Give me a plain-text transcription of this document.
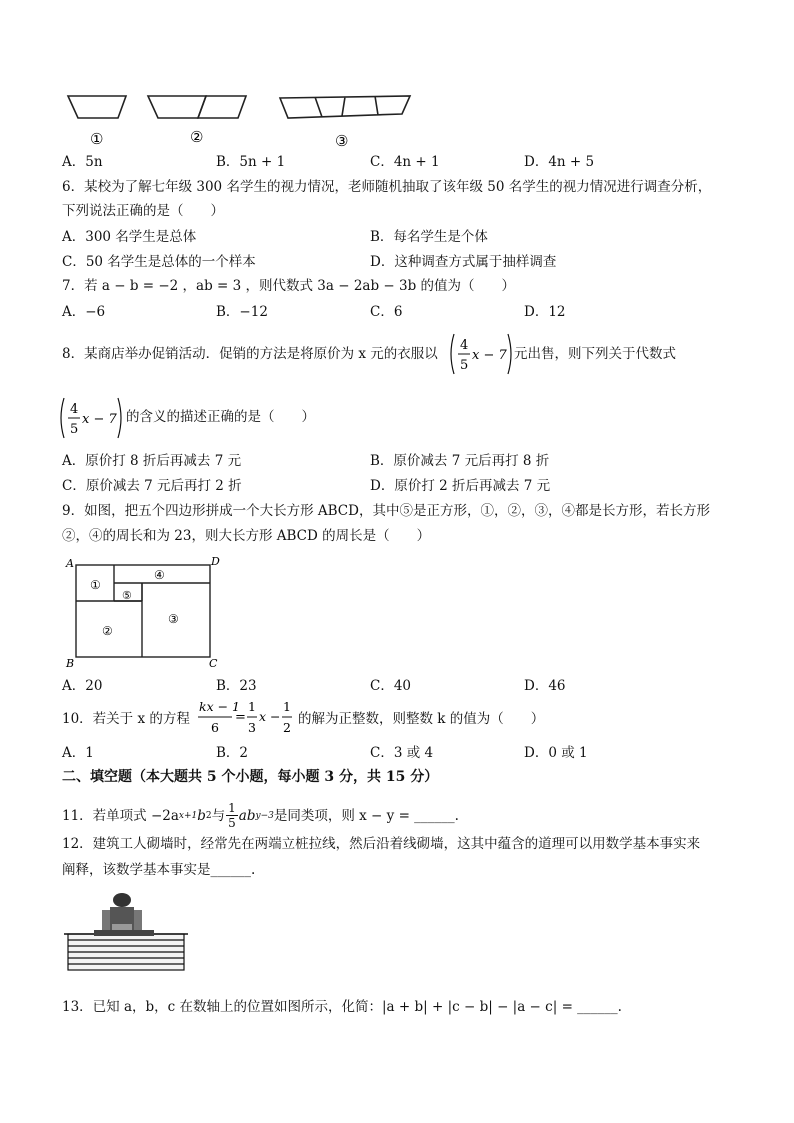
①	②	③
A．5n	B．5n + 1	C．4n + 1	D．4n + 5
6．某校为了解七年级 300 名学生的视力情况，老师随机抽取了该年级 50 名学生的视力情况进行调查分析，
下列说法正确的是（　　）
A．300 名学生是总体	B．每名学生是个体
C．50 名学生是总体的一个样本	D．这种调查方式属于抽样调查
7．若 a − b = −2 ，ab = 3 ，则代数式 3a − 2ab − 3b 的值为（　　）
A．−6	B．−12	C．6	D．12
8．某商店举办促销活动．促销的方法是将原价为 x 元的衣服以
4
5
x − 7 元出售，则下列关于代数式
4
5
x − 7 的含义的描述正确的是（　　）
A．原价打 8 折后再减去 7 元	B．原价减去 7 元后再打 8 折
C．原价减去 7 元后再打 2 折	D．原价打 2 折后再减去 7 元
9．如图，把五个四边形拼成一个大长方形 ABCD，其中⑤是正方形，①，②，③，④都是长方形，若长方形
②，④的周长和为 23，则大长方形 ABCD 的周长是（　　）
A	D
B	C
①
④
⑤
②
③
A．20	B．23	C．40	D．46
10．若关于 x 的方程
kx − 1
6
=
1
3
x −
1
2
的解为正整数，则整数 k 的值为（　　）
A．1	B．2	C．3 或 4	D．0 或 1
二、填空题（本大题共 5 个小题，每小题 3 分，共 15 分）
11．若单项式 −2a x+1 b 2 与 $\frac{1}{5}$ ab y−3 是同类项，则 x − y = ______.
12．建筑工人砌墙时，经常先在两端立桩拉线，然后沿着线砌墙，这其中蕴含的道理可以用数学基本事实来
阐释，该数学基本事实是______.
13．已知 a，b，c 在数轴上的位置如图所示，化简：|a + b| + |c − b| − |a − c| = ______.
